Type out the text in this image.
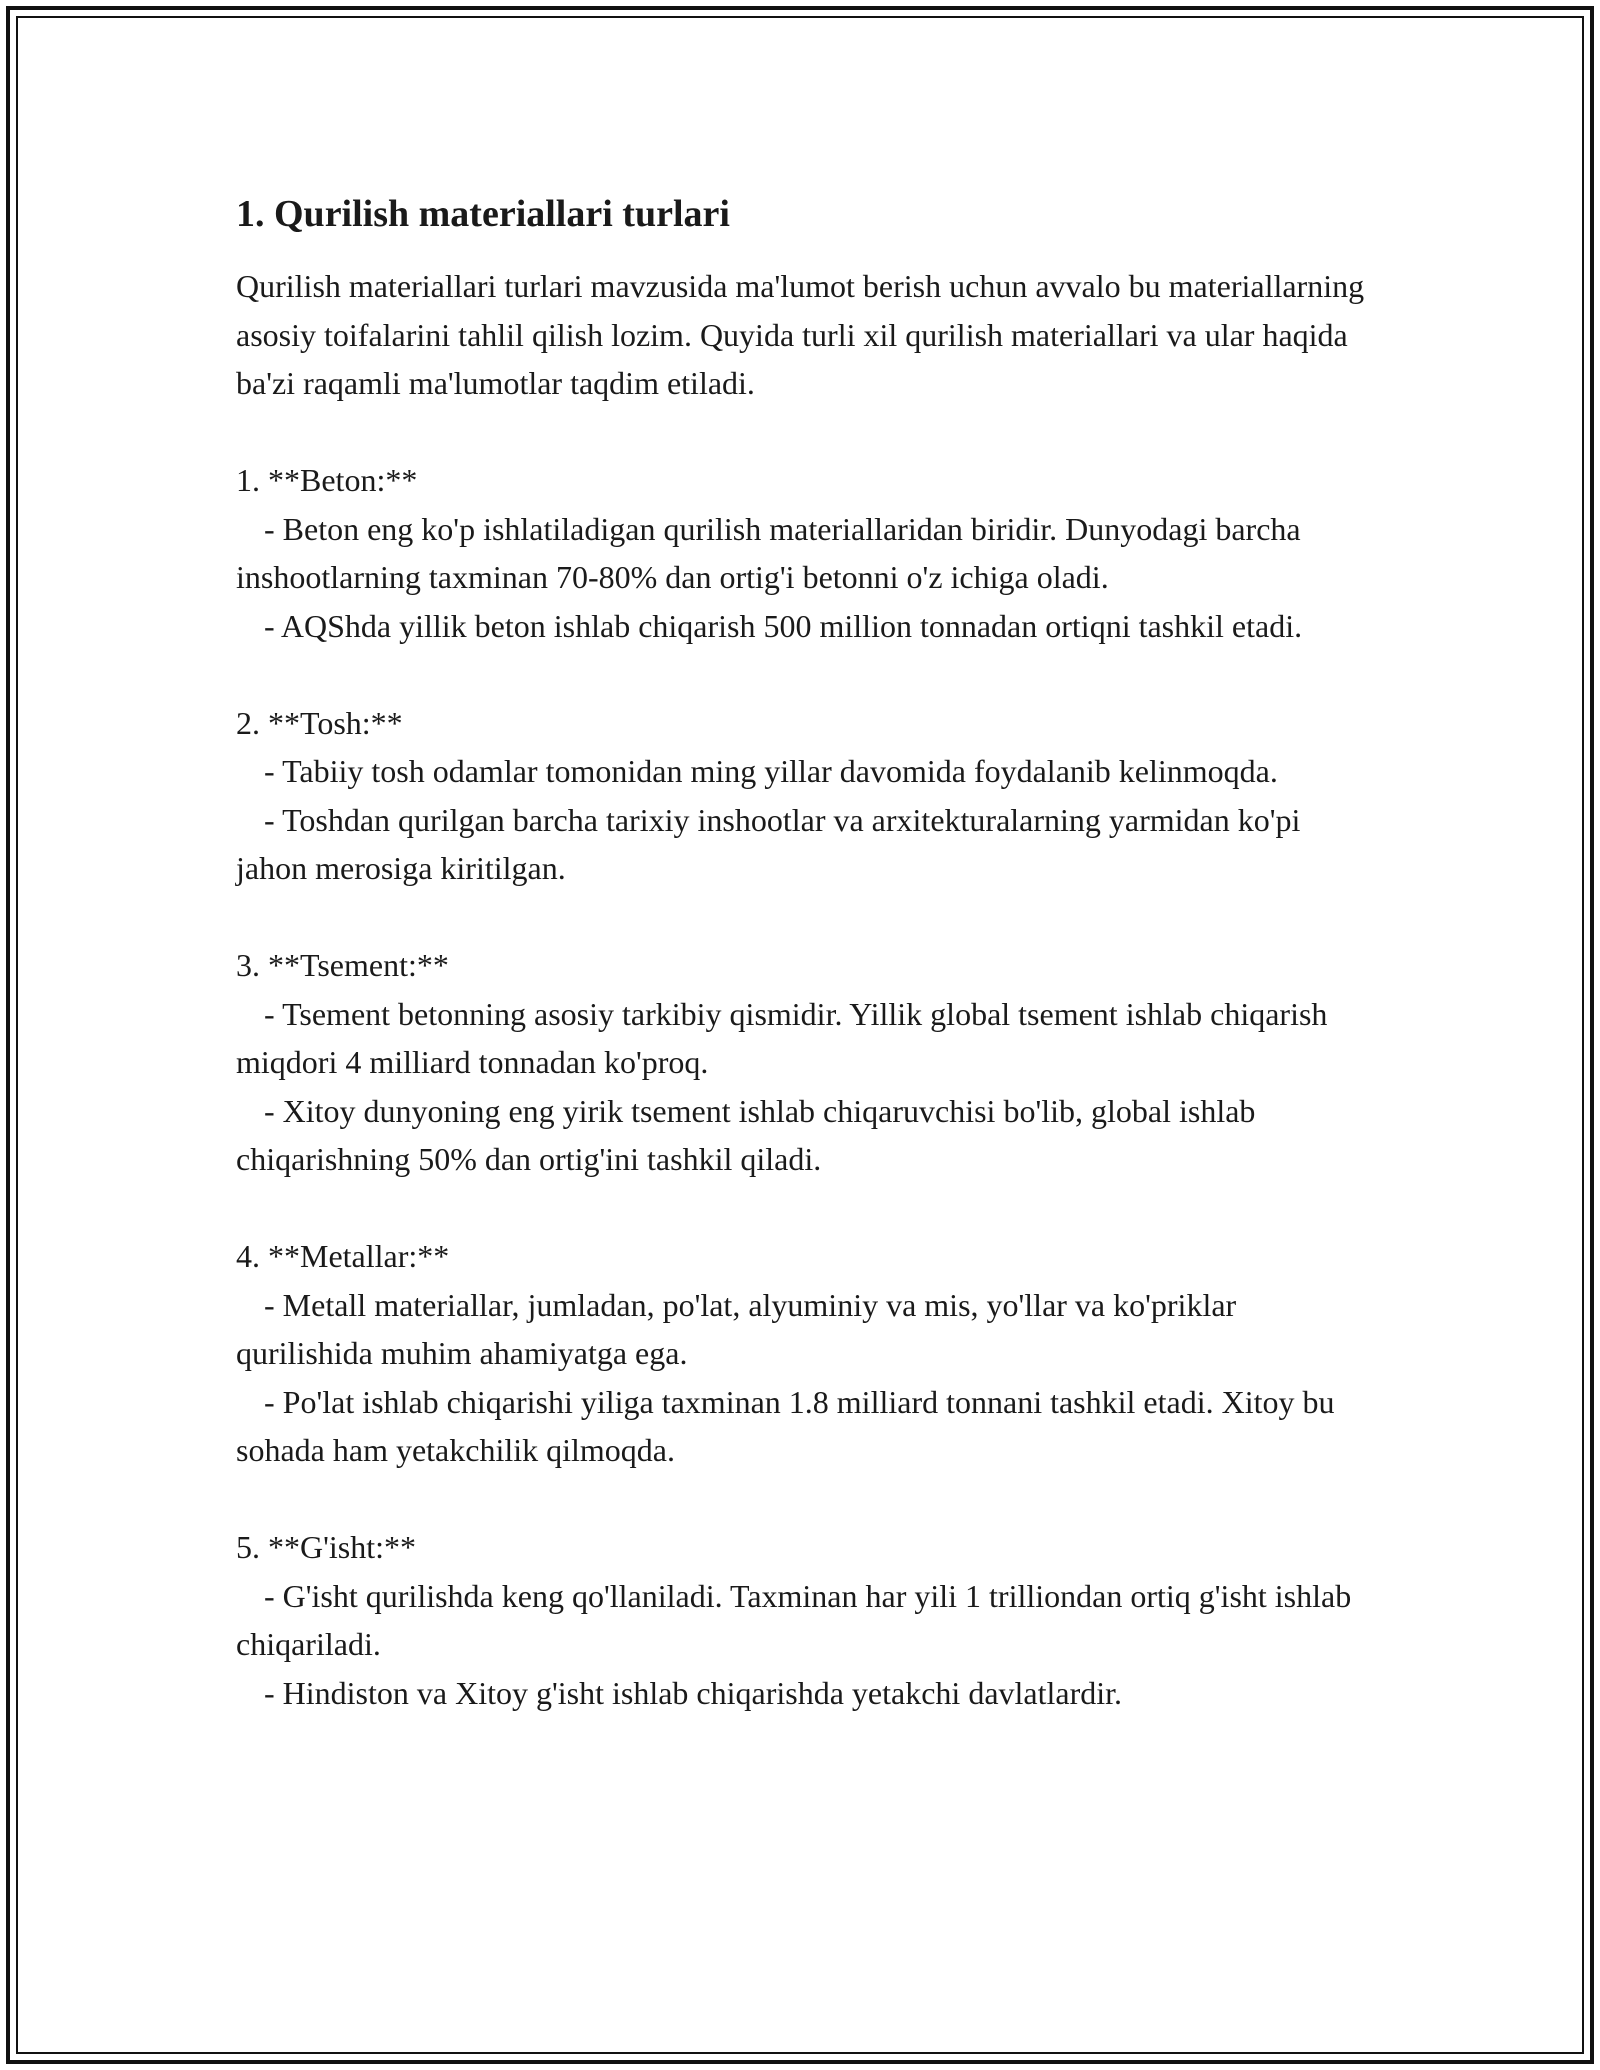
1. Qurilish materiallari turlari

Qurilish materiallari turlari mavzusida ma'lumot berish uchun avvalo bu materiallarning asosiy toifalarini tahlil qilish lozim. Quyida turli xil qurilish materiallari va ular haqida ba'zi raqamli ma'lumotlar taqdim etiladi.

1. **Beton:**

- Beton eng ko'p ishlatiladigan qurilish materiallaridan biridir. Dunyodagi barcha inshootlarning taxminan 70-80% dan ortig'i betonni o'z ichiga oladi.

- AQShda yillik beton ishlab chiqarish 500 million tonnadan ortiqni tashkil etadi.

2. **Tosh:**

- Tabiiy tosh odamlar tomonidan ming yillar davomida foydalanib kelinmoqda.

- Toshdan qurilgan barcha tarixiy inshootlar va arxitekturalarning yarmidan ko'pi jahon merosiga kiritilgan.

3. **Tsement:**

- Tsement betonning asosiy tarkibiy qismidir. Yillik global tsement ishlab chiqarish miqdori 4 milliard tonnadan ko'proq.

- Xitoy dunyoning eng yirik tsement ishlab chiqaruvchisi bo'lib, global ishlab chiqarishning 50% dan ortig'ini tashkil qiladi.

4. **Metallar:**

- Metall materiallar, jumladan, po'lat, alyuminiy va mis, yo'llar va ko'priklar qurilishida muhim ahamiyatga ega.

- Po'lat ishlab chiqarishi yiliga taxminan 1.8 milliard tonnani tashkil etadi. Xitoy bu sohada ham yetakchilik qilmoqda.

5. **G'isht:**

- G'isht qurilishda keng qo'llaniladi. Taxminan har yili 1 trilliondan ortiq g'isht ishlab chiqariladi.

- Hindiston va Xitoy g'isht ishlab chiqarishda yetakchi davlatlardir.
